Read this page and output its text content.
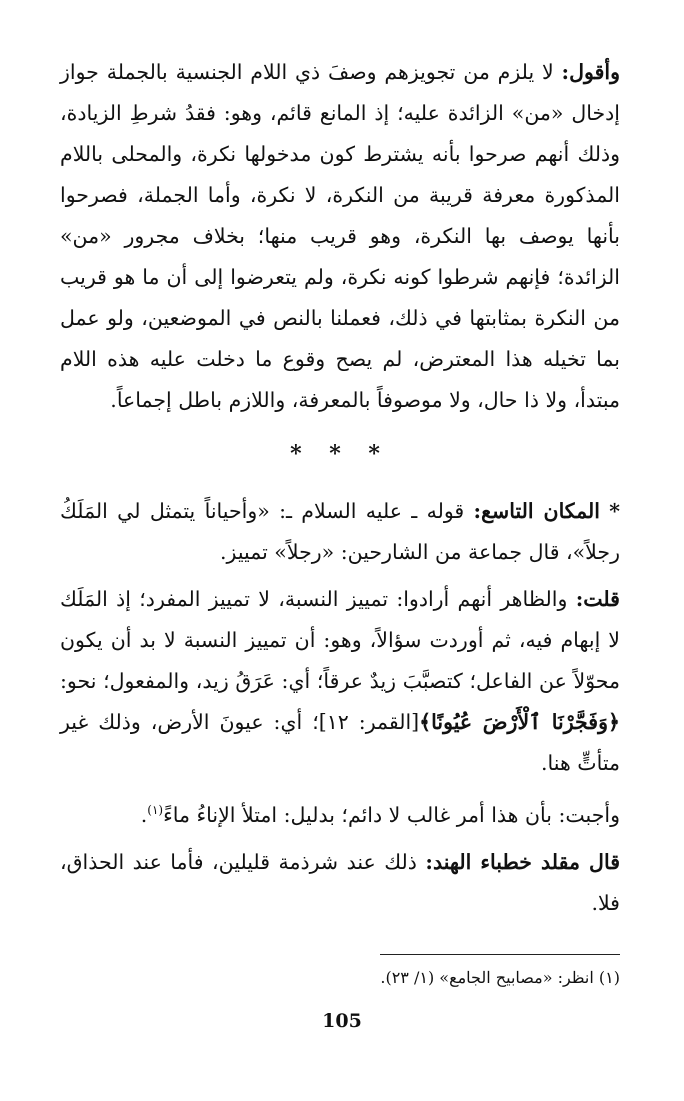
وأقول: لا يلزم من تجويزهم وصفَ ذي اللام الجنسية بالجملة جواز إدخال «من» الزائدة عليه؛ إذ المانع قائم، وهو: فقدُ شرطِ الزيادة، وذلك أنهم صرحوا بأنه يشترط كون مدخولها نكرة، والمحلى باللام المذكورة معرفة قريبة من النكرة، لا نكرة، وأما الجملة، فصرحوا بأنها يوصف بها النكرة، وهو قريب منها؛ بخلاف مجرور «من» الزائدة؛ فإنهم شرطوا كونه نكرة، ولم يتعرضوا إلى أن ما هو قريب من النكرة بمثابتها في ذلك، فعملنا بالنص في الموضعين، ولو عمل بما تخيله هذا المعترض، لم يصح وقوع ما دخلت عليه هذه اللام مبتدأ، ولا ذا حال، ولا موصوفاً بالمعرفة، واللازم باطل إجماعاً.

* * *

* المكان التاسع: قوله ـ عليه السلام ـ: «وأحياناً يتمثل لي المَلَكُ رجلاً»، قال جماعة من الشارحين: «رجلاً» تمييز.

قلت: والظاهر أنهم أرادوا: تمييز النسبة، لا تمييز المفرد؛ إذ المَلَك لا إبهام فيه، ثم أوردت سؤالاً، وهو: أن تمييز النسبة لا بد أن يكون محوّلاً عن الفاعل؛ كتصبَّبَ زيدٌ عرقاً؛ أي: عَرَقُ زيد، والمفعول؛ نحو: ﴿وَفَجَّرْنَا ٱلْأَرْضَ عُيُونًا﴾[القمر: ١٢]؛ أي: عيونَ الأرض، وذلك غير متأتٍّ هنا.

وأجبت: بأن هذا أمر غالب لا دائم؛ بدليل: امتلأ الإناءُ ماءً$^{(١)}$.

قال مقلد خطباء الهند: ذلك عند شرذمة قليلين، فأما عند الحذاق، فلا.

(١) انظر: «مصابيح الجامع» (١/ ٢٣).

105
